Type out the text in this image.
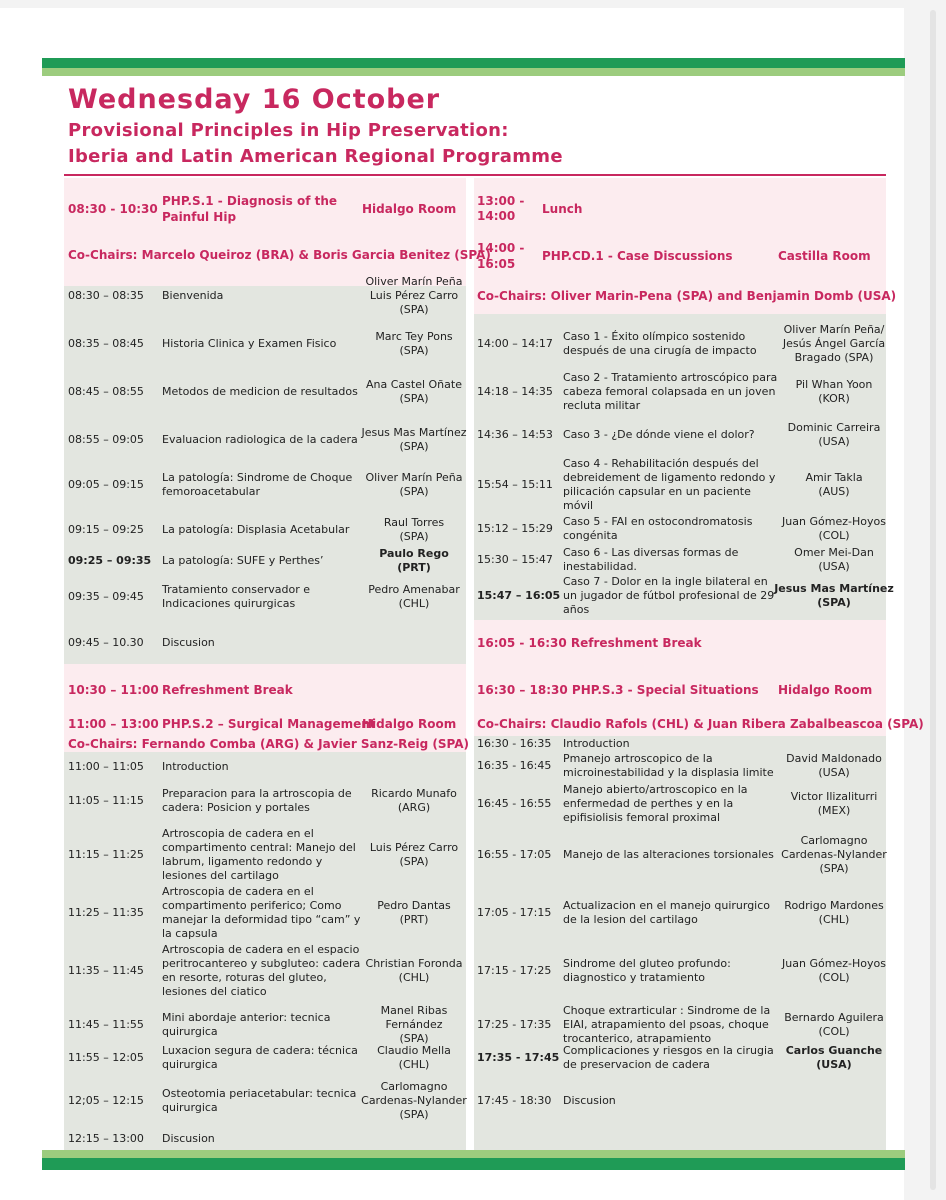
Wednesday 16 October
Provisional Principles in Hip Preservation:
Iberia and Latin American Regional Programme
08:30 - 10:30
PHP.S.1 - Diagnosis of the
Painful Hip
Hidalgo Room
Co-Chairs: Marcelo Queiroz (BRA) & Boris Garcia Benitez (SPA)
08:30 – 08:35 Bienvenida
Oliver Marín Peña
Luis Pérez Carro
(SPA)
08:35 – 08:45 Historia Clinica y Examen Fisico
Marc Tey Pons
(SPA)
08:45 – 08:55 Metodos de medicion de resultados
Ana Castel Oñate
(SPA)
08:55 – 09:05 Evaluacion radiologica de la cadera
Jesus Mas Martínez
(SPA)
09:05 – 09:15
La patología: Sindrome de Choque
femoroacetabular
Oliver Marín Peña
(SPA)
09:15 – 09:25 La patología: Displasia Acetabular
Raul Torres
(SPA)
09:25 – 09:35 La patología: SUFE y Perthes’
Paulo Rego
(PRT)
09:35 – 09:45
Tratamiento conservador e
Indicaciones quirurgicas
Pedro Amenabar
(CHL)
09:45 – 10.30 Discusion
10:30 – 11:00 Refreshment Break
11:00 – 13:00 PHP.S.2 – Surgical Management
Hidalgo Room
Co-Chairs: Fernando Comba (ARG) & Javier Sanz-Reig (SPA)
11:00 – 11:05 Introduction
11:05 – 11:15
Preparacion para la artroscopia de
cadera: Posicion y portales
Ricardo Munafo
(ARG)
11:15 – 11:25
Artroscopia de cadera en el
compartimento central: Manejo del
labrum, ligamento redondo y
lesiones del cartilago
Luis Pérez Carro
(SPA)
11:25 – 11:35
Artroscopia de cadera en el
compartimento periferico; Como
manejar la deformidad tipo “cam” y
la capsula
Pedro Dantas
(PRT)
11:35 – 11:45
Artroscopia de cadera en el espacio
peritrocantereo y subgluteo: cadera
en resorte, roturas del gluteo,
lesiones del ciatico
Christian Foronda
(CHL)
11:45 – 11:55
Mini abordaje anterior: tecnica
quirurgica
Manel Ribas
Fernández
(SPA)
11:55 – 12:05
Luxacion segura de cadera: técnica
quirurgica
Claudio Mella
(CHL)
12;05 – 12:15
Osteotomia periacetabular: tecnica
quirurgica
Carlomagno
Cardenas-Nylander
(SPA)
12:15 – 13:00 Discusion
13:00 -
14:00 Lunch
14:00 -
16:05
PHP.CD.1 - Case Discussions	Castilla Room
Co-Chairs: Oliver Marin-Pena (SPA) and Benjamin Domb (USA)
14:00 – 14:17
Caso 1 - Éxito olímpico sostenido
después de una cirugía de impacto
Oliver Marín Peña/
Jesús Ángel García
Bragado (SPA)
14:18 – 14:35
Caso 2 - Tratamiento artroscópico para
cabeza femoral colapsada en un joven
recluta militar
Pil Whan Yoon
(KOR)
14:36 – 14:53 Caso 3 - ¿De dónde viene el dolor?
Dominic Carreira
(USA)
15:54 – 15:11
Caso 4 - Rehabilitación después del
debreidement de ligamento redondo y
pilicación capsular en un paciente
móvil
Amir Takla
(AUS)
15:12 – 15:29
Caso 5 - FAI en ostocondromatosis
congénita
Juan Gómez-Hoyos
(COL)
15:30 – 15:47
Caso 6 - Las diversas formas de
inestabilidad.
Omer Mei-Dan
(USA)
15:47 – 16:05
Caso 7 - Dolor en la ingle bilateral en
un jugador de fútbol profesional de 29
años
Jesus Mas Martínez
(SPA)
16:05 - 16:30 Refreshment Break
16:30 – 18:30 PHP.S.3 - Special Situations Hidalgo Room
Co-Chairs: Claudio Rafols (CHL) & Juan Ribera Zabalbeascoa (SPA)
16:30 - 16:35 Introduction
16:35 - 16:45
Pmanejo artroscopico de la
microinestabilidad y la displasia limite
David Maldonado
(USA)
16:45 - 16:55
Manejo abierto/artroscopico en la
enfermedad de perthes y en la
epifisiolisis femoral proximal
Victor Ilizaliturri
(MEX)
16:55 - 17:05 Manejo de las alteraciones torsionales
Carlomagno
Cardenas-Nylander
(SPA)
17:05 - 17:15
Actualizacion en el manejo quirurgico
de la lesion del cartilago
Rodrigo Mardones
(CHL)
17:15 - 17:25
Sindrome del gluteo profundo:
diagnostico y tratamiento
Juan Gómez-Hoyos
(COL)
17:25 - 17:35
Choque extrarticular : Sindrome de la
EIAI, atrapamiento del psoas, choque
trocanterico, atrapamiento
Bernardo Aguilera
(COL)
17:35 - 17:45
Complicaciones y riesgos en la cirugia
de preservacion de cadera
Carlos Guanche
(USA)
17:45 - 18:30 Discusion
